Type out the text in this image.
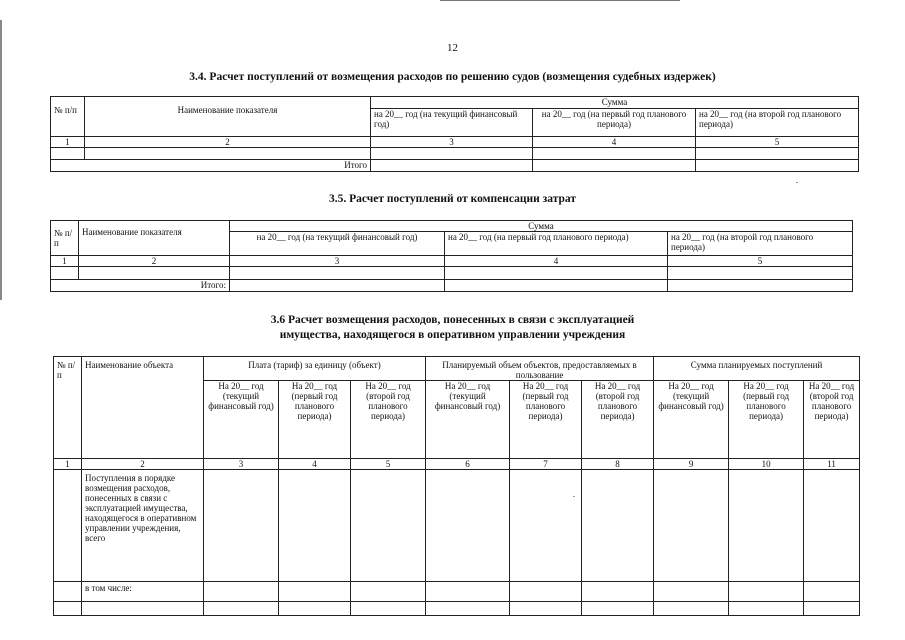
12
3.4. Расчет поступлений от возмещения расходов по решению судов (возмещения судебных издержек)
№ п/п	Наименование показателя	Сумма		
		на 20__ год (на текущий финансовый год)	на 20__ год (на первый год планового периода)	на 20__ год (на второй год планового периода)
1	2	3	4	5

Итого				
3.5. Расчет поступлений от компенсации затрат
№ п/п	Наименование показателя	Сумма		
		на 20__ год (на текущий финансовый год)	на 20__ год (на первый год планового периода)	на 20__ год (на второй год планового периода)
1	2	3	4	5

Итого:				
3.6 Расчет возмещения расходов, понесенных в связи с эксплуатацией
имущества, находящегося в оперативном управлении учреждения
№ п/п	Наименование объекта	Плата (тариф) за единицу (объект)			Планируемый объем объектов, предоставляемых в пользование			Сумма планируемых поступлений		
		На 20__ год (текущий финансовый год)	На 20__ год (первый год планового периода)	На 20__ год (второй год планового периода)	На 20__ год (текущий финансовый год)	На 20__ год (первый год планового периода)	На 20__ год (второй год планового периода)	На 20__ год (текущий финансовый год)	На 20__ год (первый год планового периода)	На 20__ год (второй год планового периода)
1	2	3	4	5	6	7	8	9	10	11
	Поступления в порядке возмещения расходов, понесенных в связи с эксплуатацией имущества, находящегося в оперативном управлении учреждения, всего									
	в том числе:									
